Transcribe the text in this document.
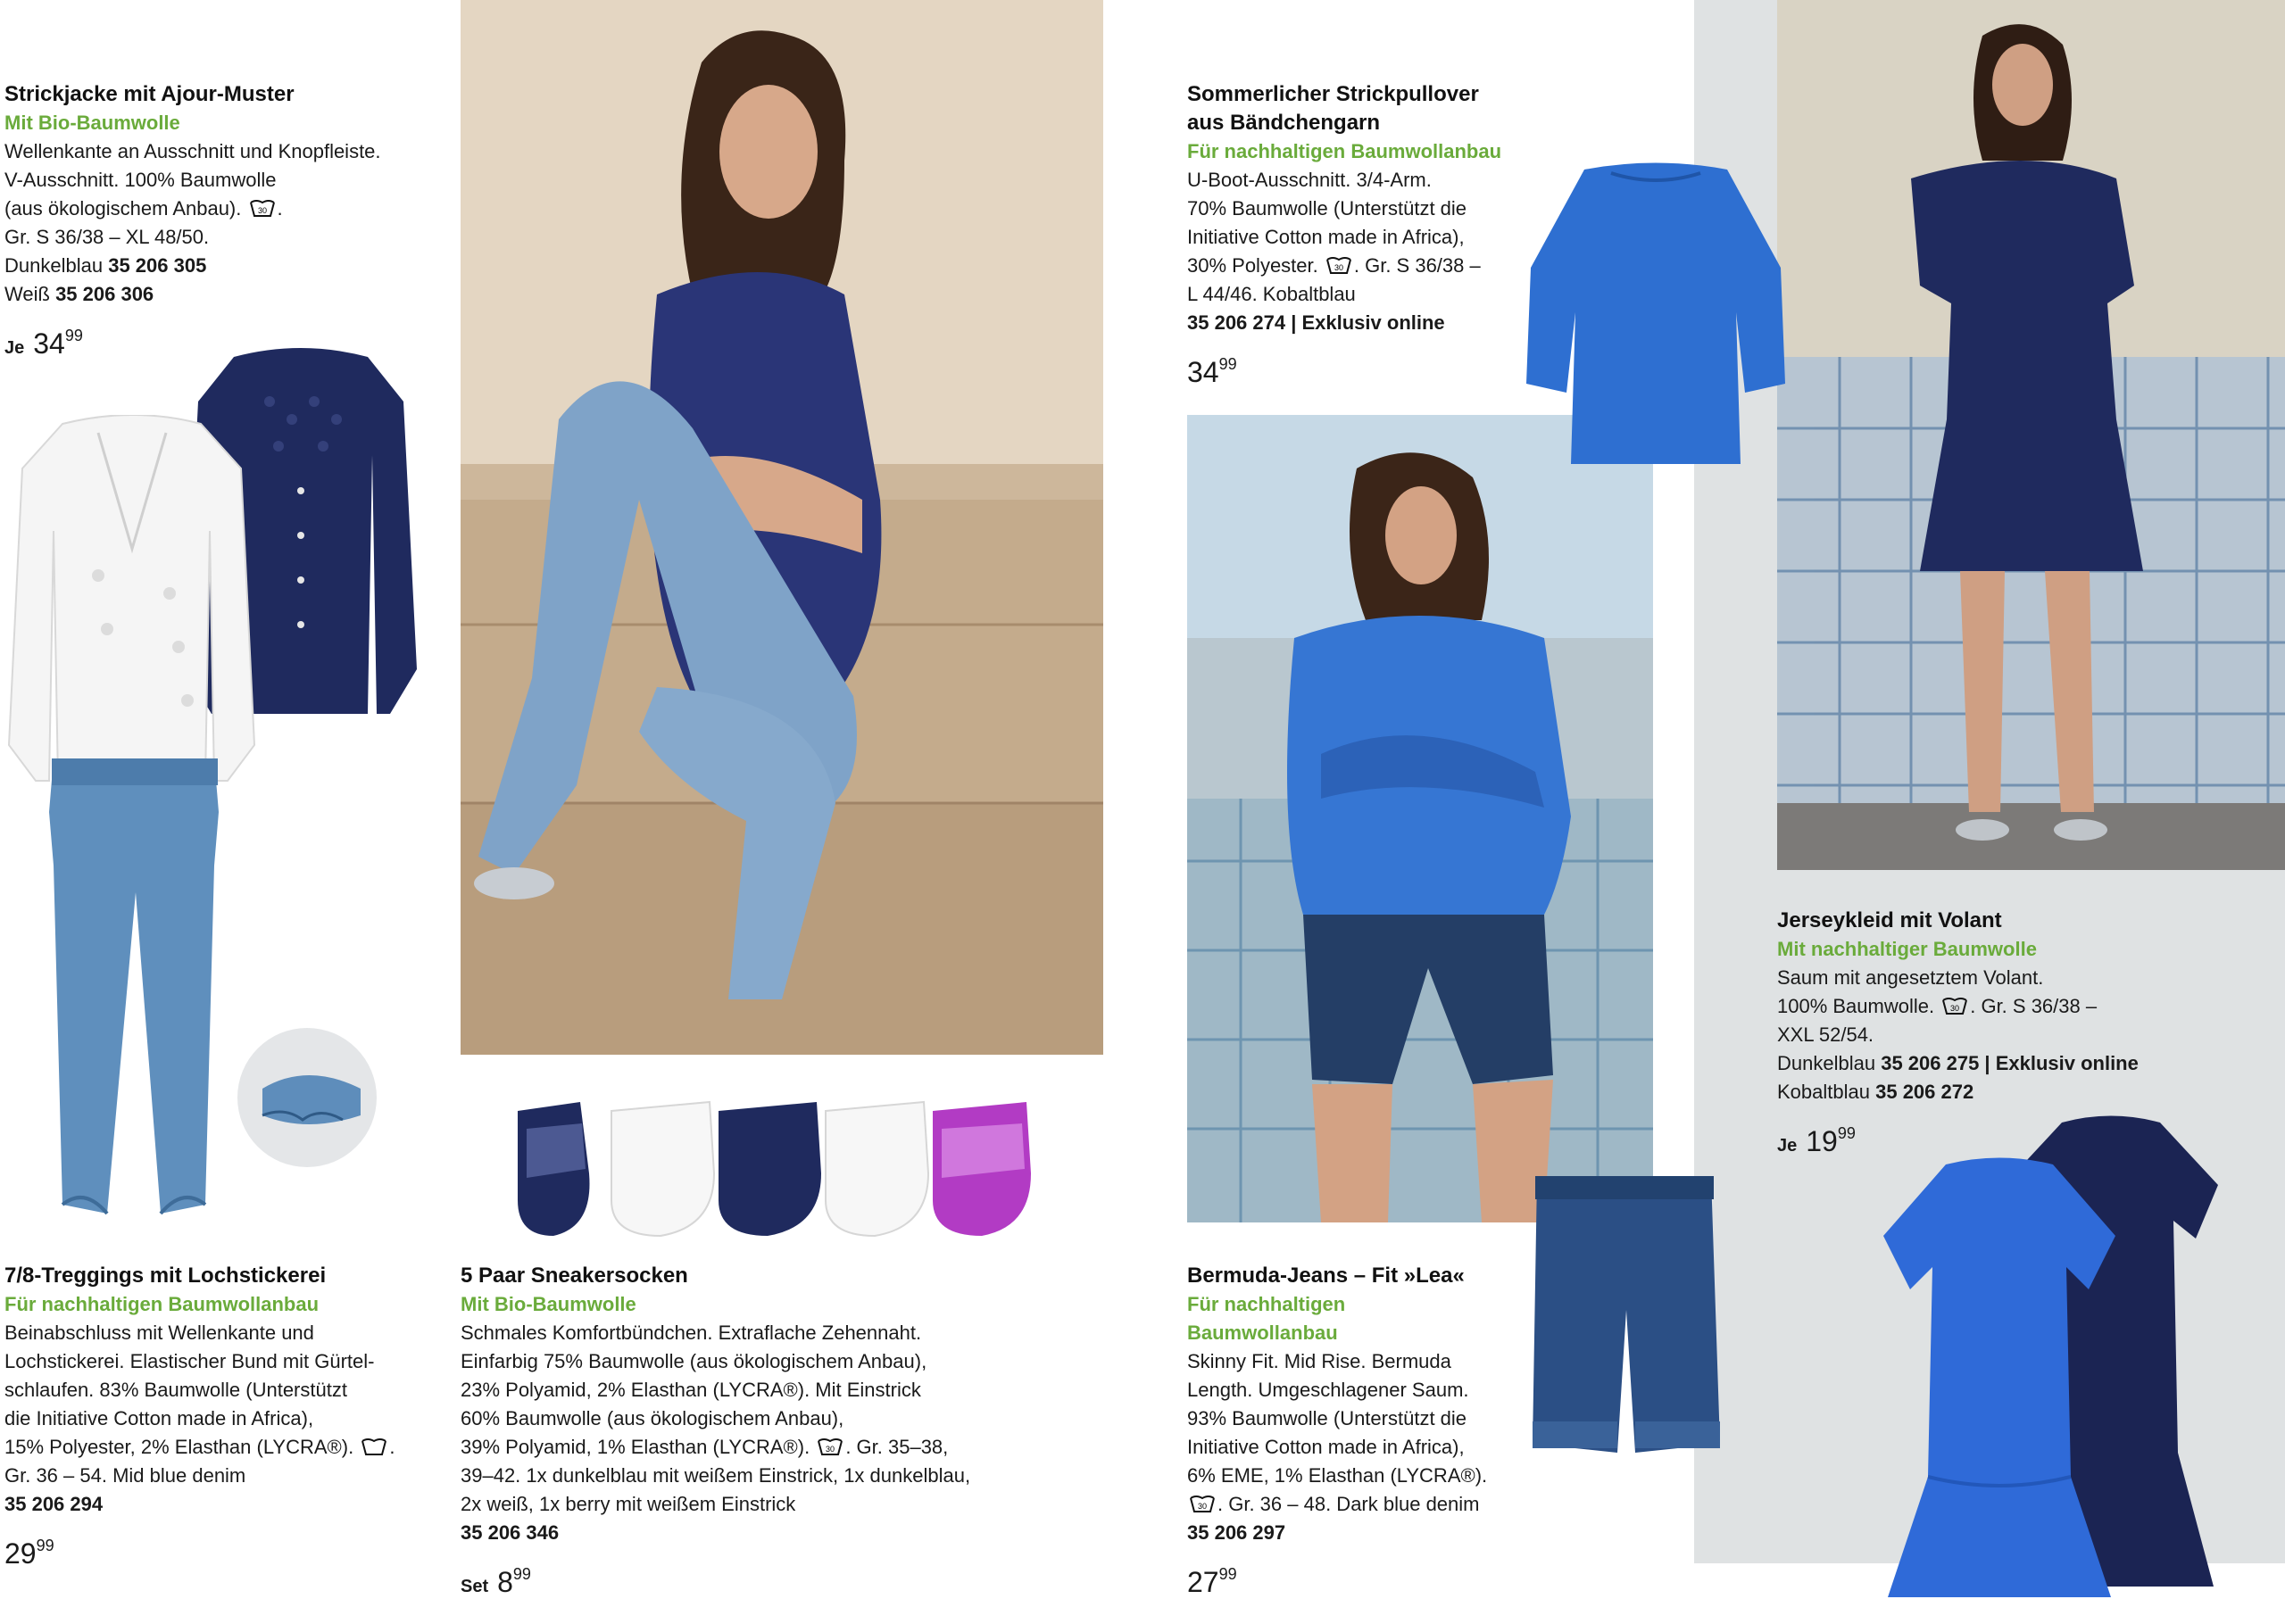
Strickjacke mit Ajour-Muster
Mit Bio-Baumwolle
Wellenkante an Ausschnitt und Knopfleiste.
V-Ausschnitt. 100% Baumwolle
(aus ökologischem Anbau). 30 .
Gr. S 36/38 – XL 48/50.
Dunkelblau 35 206 305
Weiß 35 206 306
Je $34^{99}$
7/8-Treggings mit Lochstickerei
Für nachhaltigen Baumwollanbau
Beinabschluss mit Wellenkante und
Lochstickerei. Elastischer Bund mit Gürtel-
schlaufen. 83% Baumwolle (Unterstützt
die Initiative Cotton made in Africa),
15% Polyester, 2% Elasthan (LYCRA®). .
Gr. 36 – 54. Mid blue denim
35 206 294
$29^{99}$
5 Paar Sneakersocken
Mit Bio-Baumwolle
Schmales Komfortbündchen. Extraflache Zehennaht.
Einfarbig 75% Baumwolle (aus ökologischem Anbau),
23% Polyamid, 2% Elasthan (LYCRA®). Mit Einstrick
60% Baumwolle (aus ökologischem Anbau),
39% Polyamid, 1% Elasthan (LYCRA®). 30 . Gr. 35–38,
39–42. 1x dunkelblau mit weißem Einstrick, 1x dunkelblau,
2x weiß, 1x berry mit weißem Einstrick
35 206 346
Set $8^{99}$
Sommerlicher Strickpullover
aus Bändchengarn
Für nachhaltigen Baumwollanbau
U-Boot-Ausschnitt. 3/4-Arm.
70% Baumwolle (Unterstützt die
Initiative Cotton made in Africa),
30% Polyester. 30 . Gr. S 36/38 –
L 44/46. Kobaltblau
35 206 274 | Exklusiv online
$34^{99}$
Bermuda-Jeans – Fit »Lea«
Für nachhaltigen
Baumwollanbau
Skinny Fit. Mid Rise. Bermuda
Length. Umgeschlagener Saum.
93% Baumwolle (Unterstützt die
Initiative Cotton made in Africa),
6% EME, 1% Elasthan (LYCRA®).

30 . Gr. 36 – 48. Dark blue denim
35 206 297
$27^{99}$
Jerseykleid mit Volant
Mit nachhaltiger Baumwolle
Saum mit angesetztem Volant.
100% Baumwolle. 30 . Gr. S 36/38 –
XXL 52/54.
Dunkelblau 35 206 275 | Exklusiv online
Kobaltblau 35 206 272
Je $19^{99}$
